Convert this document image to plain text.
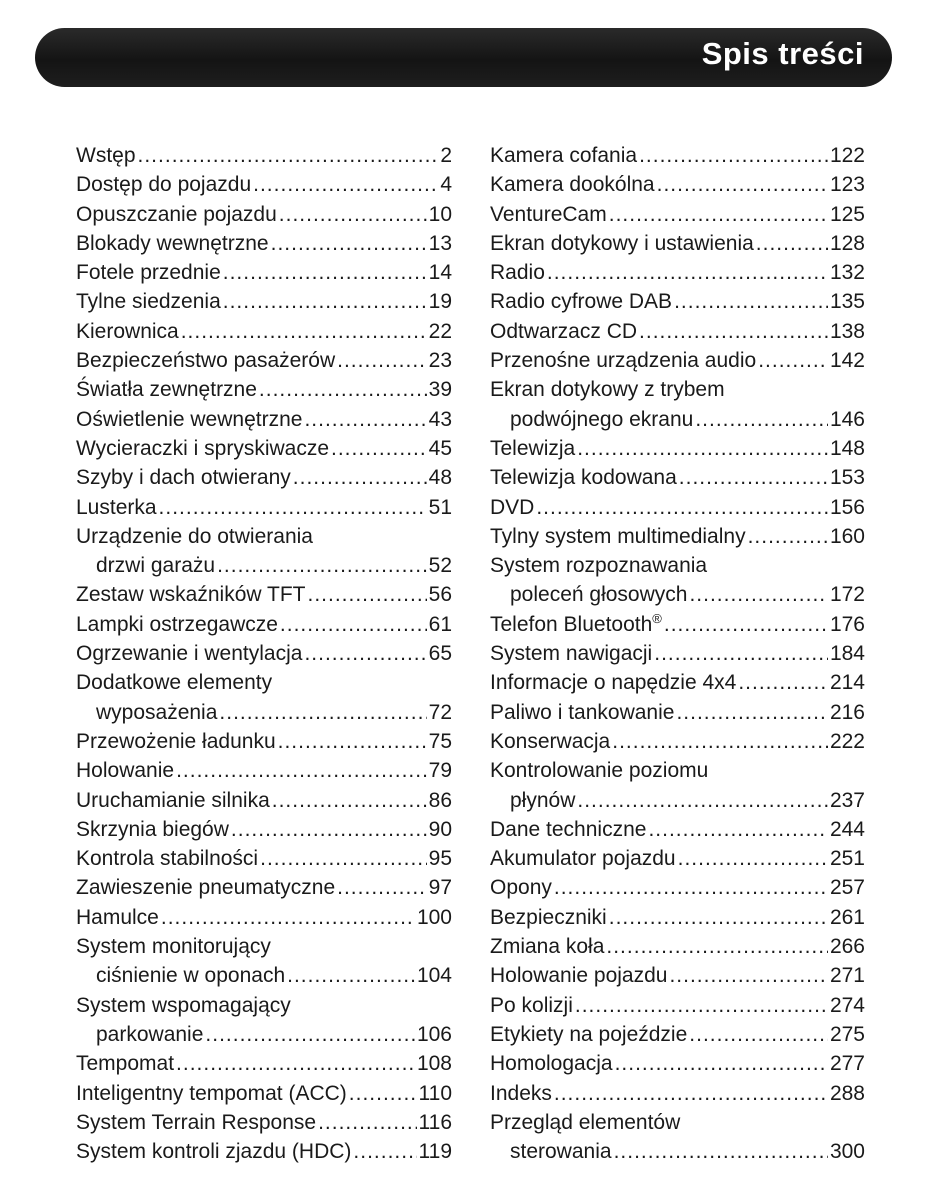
Spis treści
Wstęp .....	2
Dostęp do pojazdu .....	4
Opuszczanie pojazdu .....	10
Blokady wewnętrzne .....	13
Fotele przednie .....	14
Tylne siedzenia .....	19
Kierownica .....	22
Bezpieczeństwo pasażerów .....	23
Światła zewnętrzne .....	39
Oświetlenie wewnętrzne .....	43
Wycieraczki i spryskiwacze .....	45
Szyby i dach otwierany .....	48
Lusterka .....	51
Urządzenie do otwierania
drzwi garażu .....	52
Zestaw wskaźników TFT .....	56
Lampki ostrzegawcze .....	61
Ogrzewanie i wentylacja .....	65
Dodatkowe elementy
wyposażenia .....	72
Przewożenie ładunku .....	75
Holowanie .....	79
Uruchamianie silnika .....	86
Skrzynia biegów .....	90
Kontrola stabilności .....	95
Zawieszenie pneumatyczne .....	97
Hamulce .....	100
System monitorujący
ciśnienie w oponach .....	104
System wspomagający
parkowanie .....	106
Tempomat .....	108
Inteligentny tempomat (ACC) .....	110
System Terrain Response .....	116
System kontroli zjazdu (HDC) .....	119
Kamera cofania .....	122
Kamera dookólna .....	123
VentureCam .....	125
Ekran dotykowy i ustawienia .....	128
Radio .....	132
Radio cyfrowe DAB .....	135
Odtwarzacz CD .....	138
Przenośne urządzenia audio .....	142
Ekran dotykowy z trybem
podwójnego ekranu .....	146
Telewizja .....	148
Telewizja kodowana .....	153
DVD .....	156
Tylny system multimedialny .....	160
System rozpoznawania
poleceń głosowych .....	172
Telefon Bluetooth® .....	176
System nawigacji .....	184
Informacje o napędzie 4x4 .....	214
Paliwo i tankowanie .....	216
Konserwacja .....	222
Kontrolowanie poziomu
płynów .....	237
Dane techniczne .....	244
Akumulator pojazdu .....	251
Opony .....	257
Bezpieczniki .....	261
Zmiana koła .....	266
Holowanie pojazdu .....	271
Po kolizji .....	274
Etykiety na pojeździe .....	275
Homologacja .....	277
Indeks .....	288
Przegląd elementów
sterowania .....	300
